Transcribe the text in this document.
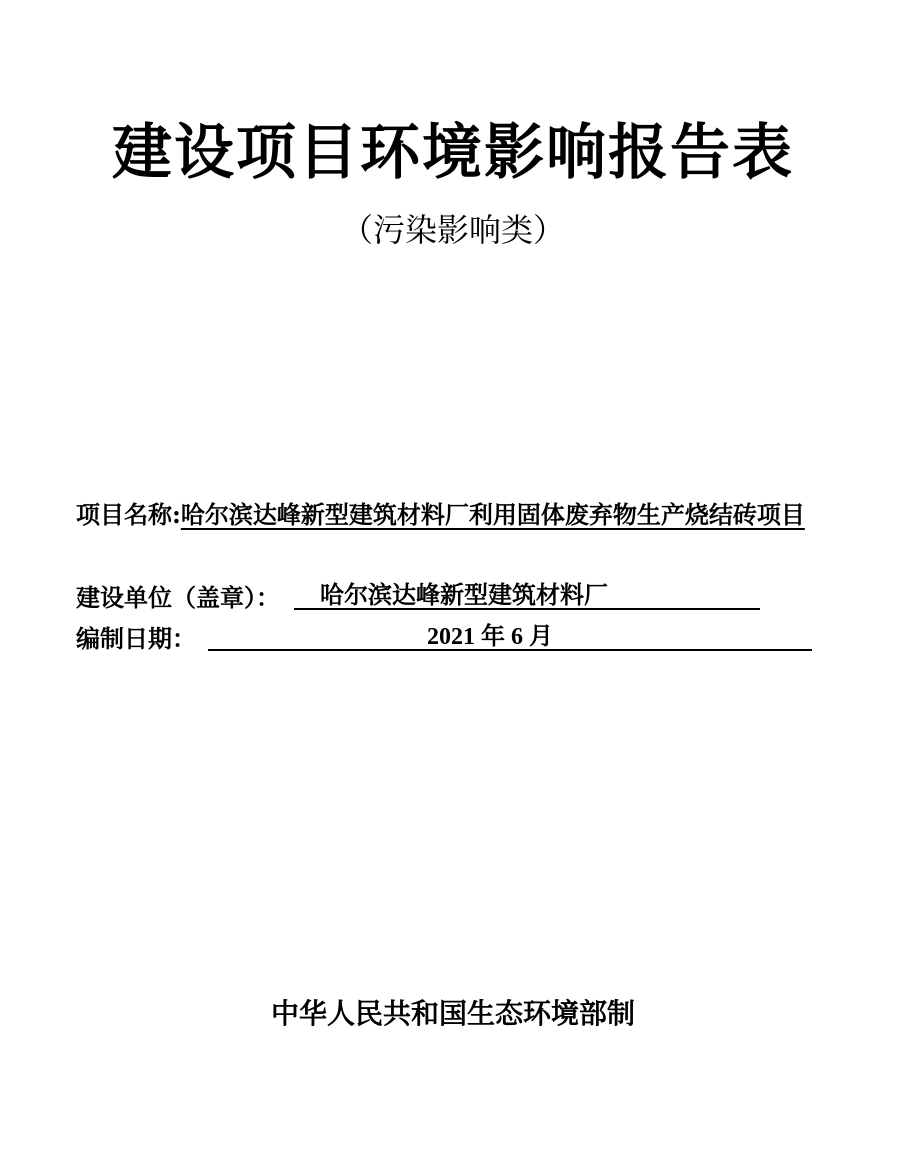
建设项目环境影响报告表
（污染影响类）
项目名称:哈尔滨达峰新型建筑材料厂利用固体废弃物生产烧结砖项目
建设单位（盖章）： 哈尔滨达峰新型建筑材料厂
编制日期：	2021 年 6 月
中华人民共和国生态环境部制
